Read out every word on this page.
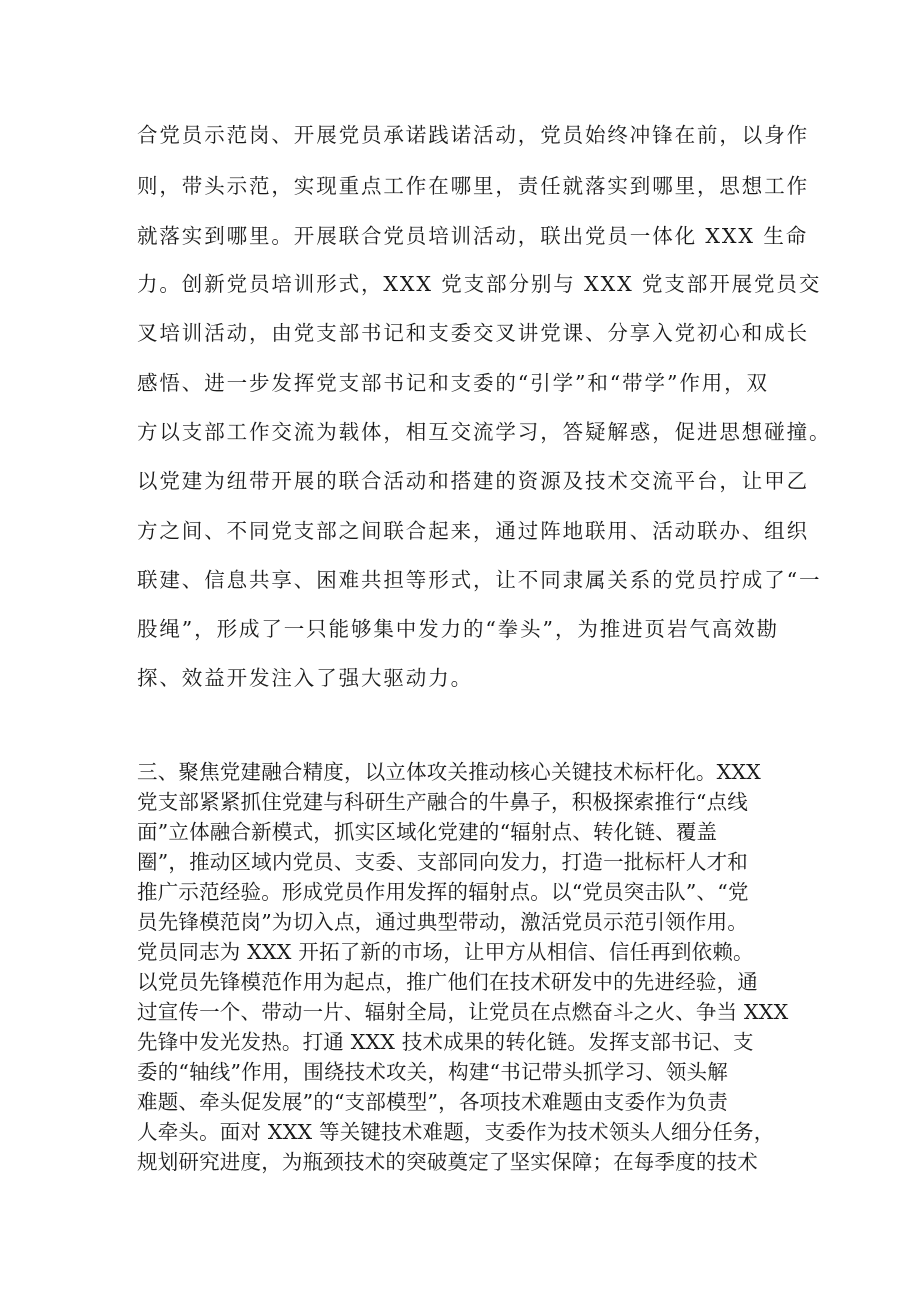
合党员示范岗、开展党员承诺践诺活动，党员始终冲锋在前，以身作
则，带头示范，实现重点工作在哪里，责任就落实到哪里，思想工作
就落实到哪里。开展联合党员培训活动，联出党员一体化 XXX 生命
力。创新党员培训形式，XXX 党支部分别与 XXX 党支部开展党员交
叉培训活动，由党支部书记和支委交叉讲党课、分享入党初心和成长
感悟、进一步发挥党支部书记和支委的“引学”和“带学”作用，双
方以支部工作交流为载体，相互交流学习，答疑解惑，促进思想碰撞。
以党建为纽带开展的联合活动和搭建的资源及技术交流平台，让甲乙
方之间、不同党支部之间联合起来，通过阵地联用、活动联办、组织
联建、信息共享、困难共担等形式，让不同隶属关系的党员拧成了“一
股绳”，形成了一只能够集中发力的“拳头”，为推进页岩气高效勘
探、效益开发注入了强大驱动力。
三、聚焦党建融合精度，以立体攻关推动核心关键技术标杆化。XXX
党支部紧紧抓住党建与科研生产融合的牛鼻子，积极探索推行“点线
面”立体融合新模式，抓实区域化党建的“辐射点、转化链、覆盖
圈”，推动区域内党员、支委、支部同向发力，打造一批标杆人才和
推广示范经验。形成党员作用发挥的辐射点。以“党员突击队”、“党
员先锋模范岗”为切入点，通过典型带动，激活党员示范引领作用。
党员同志为 XXX 开拓了新的市场，让甲方从相信、信任再到依赖。
以党员先锋模范作用为起点，推广他们在技术研发中的先进经验，通
过宣传一个、带动一片、辐射全局，让党员在点燃奋斗之火、争当 XXX
先锋中发光发热。打通 XXX 技术成果的转化链。发挥支部书记、支
委的“轴线”作用，围绕技术攻关，构建“书记带头抓学习、领头解
难题、牵头促发展”的“支部模型”，各项技术难题由支委作为负责
人牵头。面对 XXX 等关键技术难题，支委作为技术领头人细分任务，
规划研究进度，为瓶颈技术的突破奠定了坚实保障；在每季度的技术
